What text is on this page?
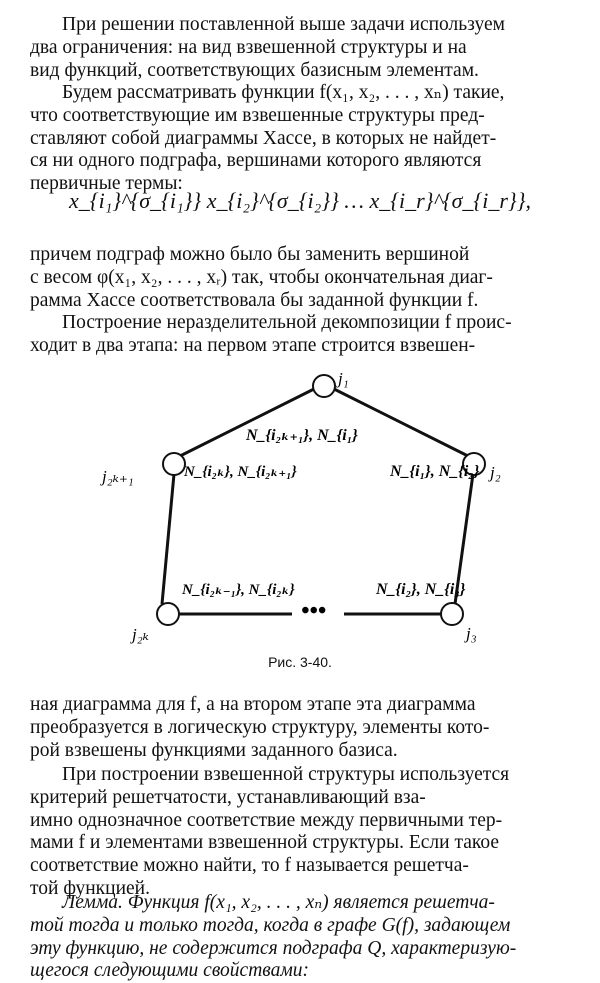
При решении поставленной выше задачи используем
два ограничения: на вид взвешенной структуры и на
вид функций, соответствующих базисным элементам.
Будем рассматривать функции f(x₁, x₂, . . . , xₙ) такие,
что соответствующие им взвешенные структуры пред-
ставляют собой диаграммы Хассе, в которых не найдет-
ся ни одного подграфа, вершинами которого являются
первичные термы:
x_{i₁}^{σ_{i₁}} x_{i₂}^{σ_{i₂}} … x_{i_r}^{σ_{i_r}},
причем подграф можно было бы заменить вершиной
с весом φ(x₁, x₂, . . . , xᵣ) так, чтобы окончательная диаг-
рамма Хассе соответствовала бы заданной функции f.
Построение неразделительной декомпозиции f проис-
ходит в два этапа: на первом этапе строится взвешен-
•••
j₁
j₂
j₃
j₂ₖ
j₂ₖ₊₁
N_{i₂ₖ₊₁}, N_{i₁}
N_{i₂ₖ}, N_{i₂ₖ₊₁}	N_{i₁}, N_{i₂}
N_{i₂ₖ₋₁}, N_{i₂ₖ}	N_{i₂}, N_{i₃}
Рис. 3-40.
ная диаграмма для f, а на втором этапе эта диаграмма
преобразуется в логическую структуру, элементы кото-
рой взвешены функциями заданного базиса.
При построении взвешенной структуры используется
критерий решетчатости, устанавливающий вза-
имно однозначное соответствие между первичными тер-
мами f и элементами взвешенной структуры. Если такое
соответствие можно найти, то f называется решетча-
той функцией.
Лемма. Функция f(x₁, x₂, . . . , xₙ) является решетча-
той тогда и только тогда, когда в графе G(f), задающем
эту функцию, не содержится подграфа Q, характеризую-
щегося следующими свойствами:
